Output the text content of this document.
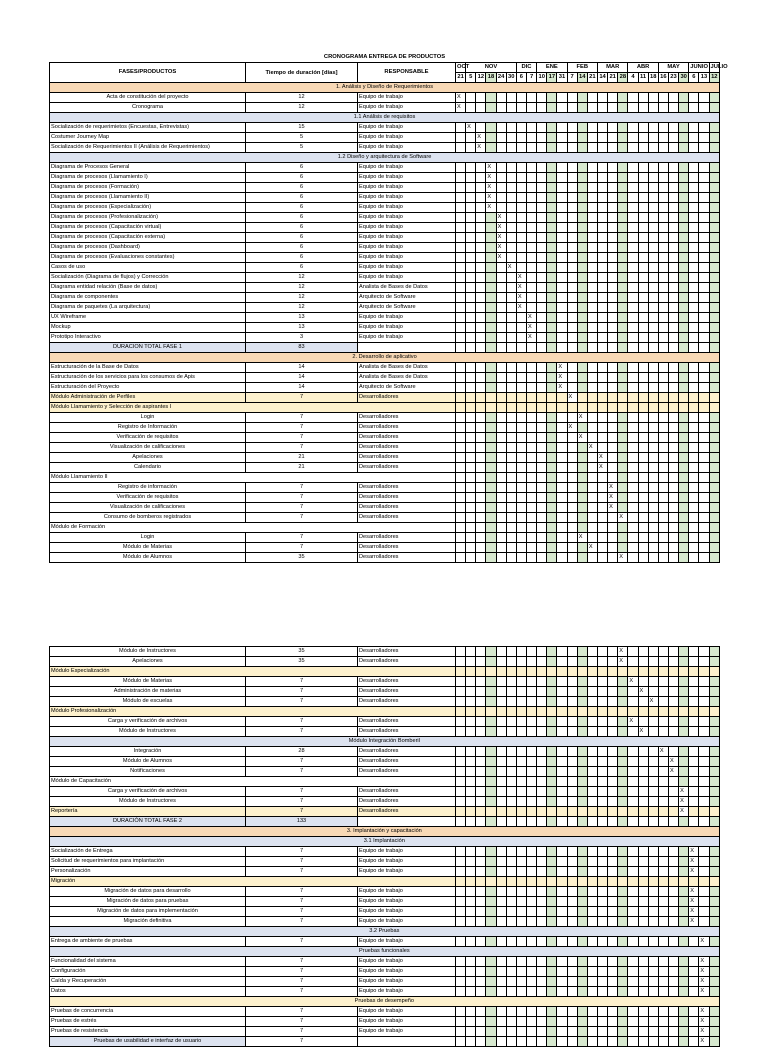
CRONOGRAMA ENTREGA DE PRODUCTOS																												
FASES/PRODUCTOS	Tiempo de duración [días]	RESPONSABLE	OCT	NOV					DIC		ENE			FEB			MAR			ABR			MAY			JUNIO		JULIO
			21	5	12	18	24	30	6	7	10	17	31	7	14	21	14	21	28	4	11	18	16	23	30	6	13	12
1. Análisis y Diseño de Requerimientos																												
Acta de constitución del proyecto	12	Equipo de trabajo	X																									
Cronograma	12	Equipo de trabajo	X																									
1.1 Análisis de requisitos																												
Socialización de requerimietos (Encuestas, Entrevistas)	15	Equipo de trabajo		X																								
Costumer Journey Map	5	Equipo de trabajo			X																							
Socialización de Requerimientos II (Análisis de Requerimientos)	5	Equipo de trabajo			X																							
1.2 Diseño y arquitectura de Software																												
Diagrama de Procesos General	6	Equipo de trabajo				X																						
Diagrama de procesos (Llamamiento I)	6	Equipo de trabajo				X																						
Diagrama de procesos (Formación)	6	Equipo de trabajo				X																						
Diagrama de procesos (Llamamiento II)	6	Equipo de trabajo				X																						
Diagrama de procesos (Especialización)	6	Equipo de trabajo				X																						
Diagrama de procesos (Profesionalización)	6	Equipo de trabajo					X																					
Diagrama de procesos (Capacitación virtual)	6	Equipo de trabajo					X																					
Diagrama de procesos (Capacitación externa)	6	Equipo de trabajo					X																					
Diagrama de procesos (Dashboard)	6	Equipo de trabajo					X																					
Diagrama de procesos (Evaluaciones constantes)	6	Equipo de trabajo					X																					
Casos de uso	6	Equipo de trabajo						X																				
Socialización (Diagrama de flujos) y Corrección	12	Equipo de trabajo							X																			
Diagrama entidad relación (Base de datos)	12	Analista de Bases de Datos							X																			
Diagrama de componentes	12	Arquitecto de Software							X																			
Diagrama de paquetes (La arquitectura)	12	Arquitecto de Software							X																			
UX Wireframe	13	Equipo de trabajo								X																		
Mockup	13	Equipo de trabajo								X																		
Prototipo Interactivo	3	Equipo de trabajo								X																		
DURACION TOTAL FASE 1	83																											
2. Desarrollo de aplicativo																												
Estructuración de la Base de Datos	14	Analista de Bases de Datos											X															
Estructuración de los servicios para los consumos de Apis	14	Analista de Bases de Datos											X															
Estructuración del Proyecto	14	Arquitecto de Software											X															
Módulo Administración de Perfiles	7	Desarrolladores												X														
Módulo Llamamiento y Selección de aspirantes I																												
Login	7	Desarrolladores													X													
Registro de Información	7	Desarrolladores												X														
Verificación de requisitos	7	Desarrolladores													X													
Visualización de calificaciones	7	Desarrolladores														X												
Apelaciones	21	Desarrolladores															X											
Calendario	21	Desarrolladores															X											
Módulo Llamamiento II																												
Registro de información	7	Desarrolladores																X										
Verificación de requisitos	7	Desarrolladores																X										
Visualización de calificaciones	7	Desarrolladores																X										
Consumo de bomberos registrados	7	Desarrolladores																	X									
Módulo de Formación																												
Login	7	Desarrolladores													X													
Módulo de Materias	7	Desarrolladores														X												
Módulo de Alumnos	35	Desarrolladores																	X									
Módulo de Instructores	35	Desarrolladores																	X									
Apelaciones	35	Desarrolladores																	X									
Módulo Especialización																												
Módulo de Materias	7	Desarrolladores																		X								
Administración de materias	7	Desarrolladores																			X							
Módulo de escuelas	7	Desarrolladores																				X						
Módulo Profesionalización																												
Carga y verificación de archivos	7	Desarrolladores																		X								
Módulo de Instructores	7	Desarrolladores																			X							
Módulo Integración Bomberil																												
Integración	28	Desarrolladores																					X					
Módulo de Alumnos	7	Desarrolladores																						X				
Notificaciones	7	Desarrolladores																						X				
Módulo de Capacitación																												
Carga y verificación de archivos	7	Desarrolladores																							X			
Módulo de Instructores	7	Desarrolladores																							X			
Reportería	7	Desarrolladores																							X			
DURACIÓN TOTAL FASE 2	133																											
3. Implantación y capacitación																												
3.1 Implantación																												
Socialización de Entrega	7	Equipo de trabajo																								X		
Solicitud de requerimientos para implantación	7	Equipo de trabajo																								X		
Personalización	7	Equipo de trabajo																								X		
Migración																												
Migración de datos para desarrollo	7	Equipo de trabajo																								X		
Migración de datos para pruebas	7	Equipo de trabajo																								X		
Migración de datos para implementación	7	Equipo de trabajo																								X		
Migración definitiva	7	Equipo de trabajo																								X		
3.2 Pruebas																												
Entrega de ambiente de pruebas	7	Equipo de trabajo																									X	
Pruebas funcionales																												
Funcionalidad del sistema	7	Equipo de trabajo																									X	
Configuración	7	Equipo de trabajo																									X	
Caída y Recuperación	7	Equipo de trabajo																									X	
Datos	7	Equipo de trabajo																									X	
Pruebas de desempeño																												
Pruebas de concurrencia	7	Equipo de trabajo																									X	
Pruebas de estrés	7	Equipo de trabajo																									X	
Pruebas de resistencia	7	Equipo de trabajo																									X	
Pruebas de usabilidad e interfaz de usuario	7																										X	
